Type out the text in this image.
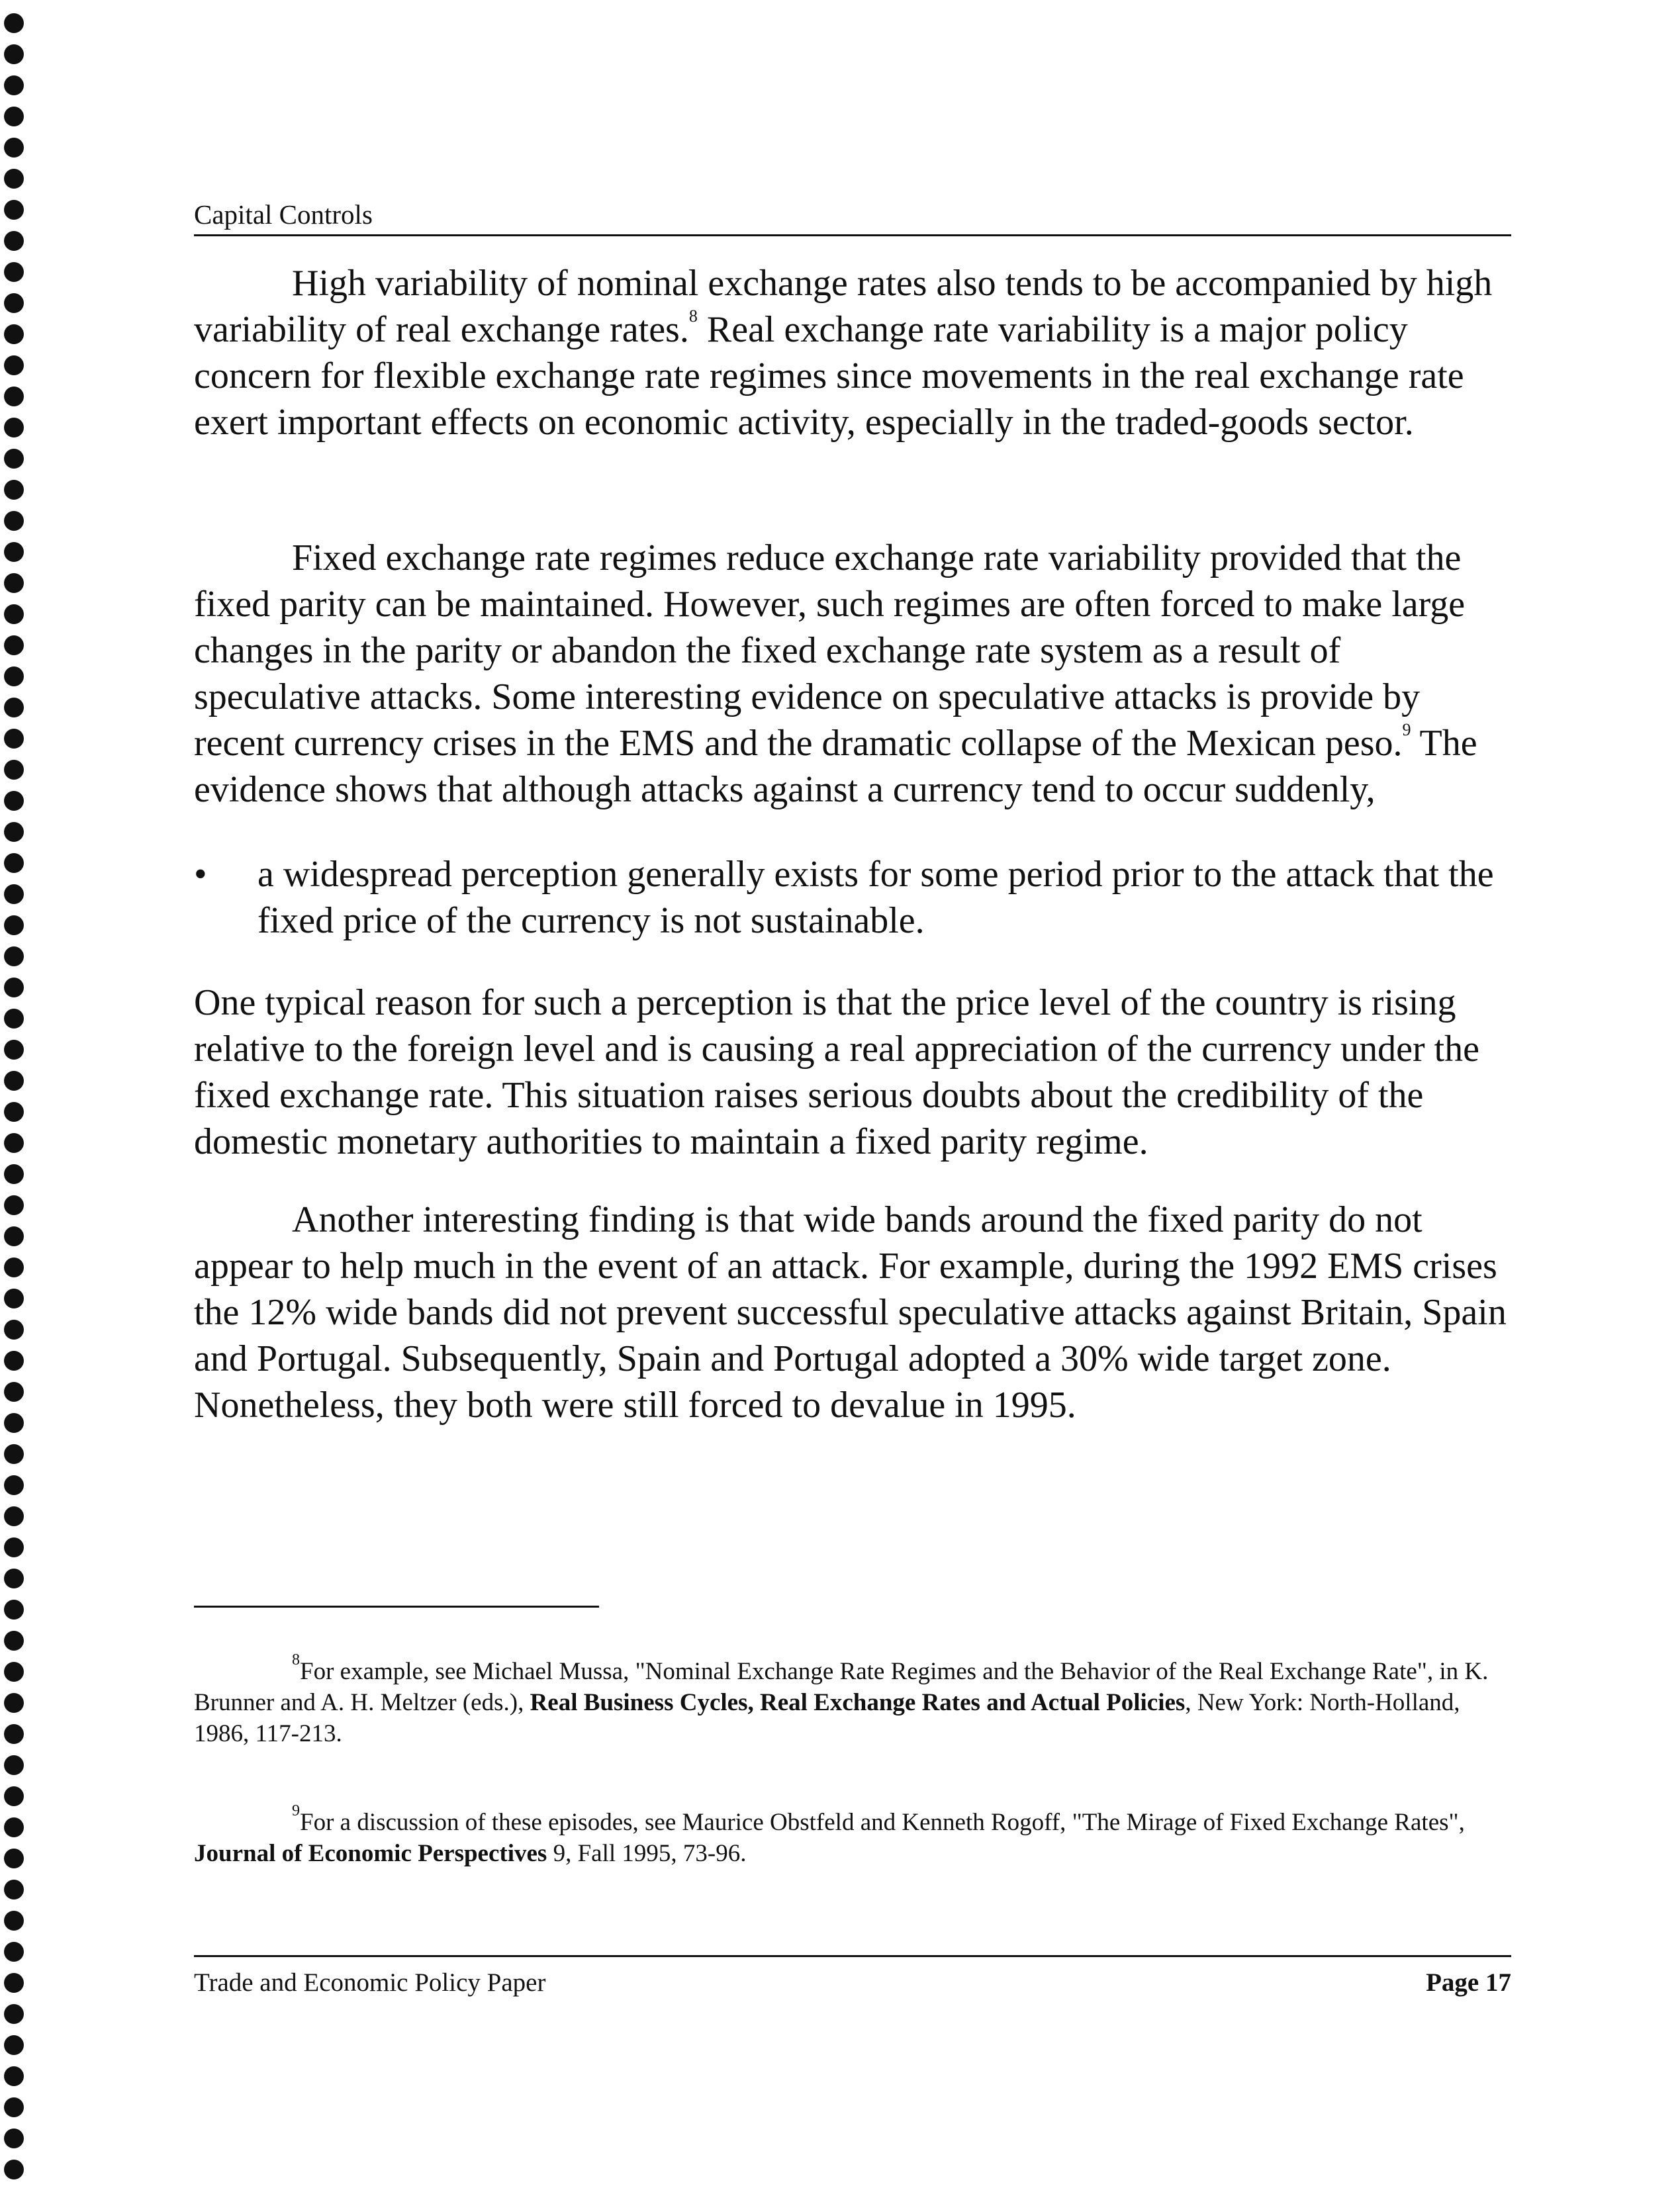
Capital Controls

High variability of nominal exchange rates also tends to be accompanied by high variability of real exchange rates.$^8$ Real exchange rate variability is a major policy concern for flexible exchange rate regimes since movements in the real exchange rate exert important effects on economic activity, especially in the traded-goods sector.

Fixed exchange rate regimes reduce exchange rate variability provided that the fixed parity can be maintained. However, such regimes are often forced to make large changes in the parity or abandon the fixed exchange rate system as a result of speculative attacks. Some interesting evidence on speculative attacks is provide by recent currency crises in the EMS and the dramatic collapse of the Mexican peso.$^9$ The evidence shows that although attacks against a currency tend to occur suddenly,

• a widespread perception generally exists for some period prior to the attack that the fixed price of the currency is not sustainable.

One typical reason for such a perception is that the price level of the country is rising relative to the foreign level and is causing a real appreciation of the currency under the fixed exchange rate. This situation raises serious doubts about the credibility of the domestic monetary authorities to maintain a fixed parity regime.

Another interesting finding is that wide bands around the fixed parity do not appear to help much in the event of an attack. For example, during the 1992 EMS crises the 12% wide bands did not prevent successful speculative attacks against Britain, Spain and Portugal. Subsequently, Spain and Portugal adopted a 30% wide target zone. Nonetheless, they both were still forced to devalue in 1995.

$^8$For example, see Michael Mussa, "Nominal Exchange Rate Regimes and the Behavior of the Real Exchange Rate", in K. Brunner and A. H. Meltzer (eds.), Real Business Cycles, Real Exchange Rates and Actual Policies, New York: North-Holland, 1986, 117-213.

$^9$For a discussion of these episodes, see Maurice Obstfeld and Kenneth Rogoff, "The Mirage of Fixed Exchange Rates", Journal of Economic Perspectives 9, Fall 1995, 73-96.

Trade and Economic Policy Paper	Page 17
